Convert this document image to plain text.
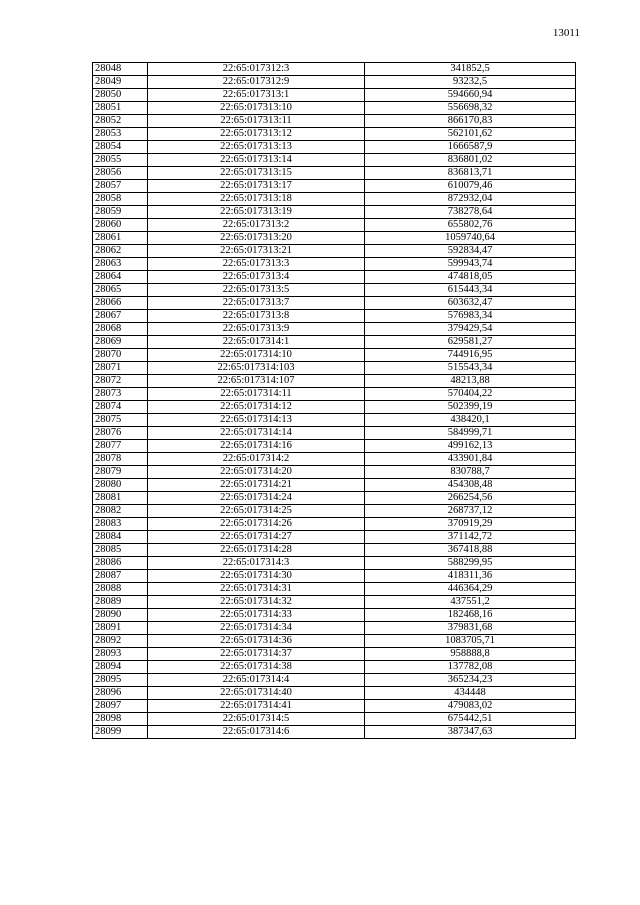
13011
28048	22:65:017312:3	341852,5
28049	22:65:017312:9	93232,5
28050	22:65:017313:1	594660,94
28051	22:65:017313:10	556698,32
28052	22:65:017313:11	866170,83
28053	22:65:017313:12	562101,62
28054	22:65:017313:13	1666587,9
28055	22:65:017313:14	836801,02
28056	22:65:017313:15	836813,71
28057	22:65:017313:17	610079,46
28058	22:65:017313:18	872932,04
28059	22:65:017313:19	738278,64
28060	22:65:017313:2	655802,76
28061	22:65:017313:20	1059740,64
28062	22:65:017313:21	592834,47
28063	22:65:017313:3	599943,74
28064	22:65:017313:4	474818,05
28065	22:65:017313:5	615443,34
28066	22:65:017313:7	603632,47
28067	22:65:017313:8	576983,34
28068	22:65:017313:9	379429,54
28069	22:65:017314:1	629581,27
28070	22:65:017314:10	744916,95
28071	22:65:017314:103	515543,34
28072	22:65:017314:107	48213,88
28073	22:65:017314:11	570404,22
28074	22:65:017314:12	502399,19
28075	22:65:017314:13	438420,1
28076	22:65:017314:14	584999,71
28077	22:65:017314:16	499162,13
28078	22:65:017314:2	433901,84
28079	22:65:017314:20	830788,7
28080	22:65:017314:21	454308,48
28081	22:65:017314:24	266254,56
28082	22:65:017314:25	268737,12
28083	22:65:017314:26	370919,29
28084	22:65:017314:27	371142,72
28085	22:65:017314:28	367418,88
28086	22:65:017314:3	588299,95
28087	22:65:017314:30	418311,36
28088	22:65:017314:31	446364,29
28089	22:65:017314:32	437551,2
28090	22:65:017314:33	182468,16
28091	22:65:017314:34	379831,68
28092	22:65:017314:36	1083705,71
28093	22:65:017314:37	958888,8
28094	22:65:017314:38	137782,08
28095	22:65:017314:4	365234,23
28096	22:65:017314:40	434448
28097	22:65:017314:41	479083,02
28098	22:65:017314:5	675442,51
28099	22:65:017314:6	387347,63
